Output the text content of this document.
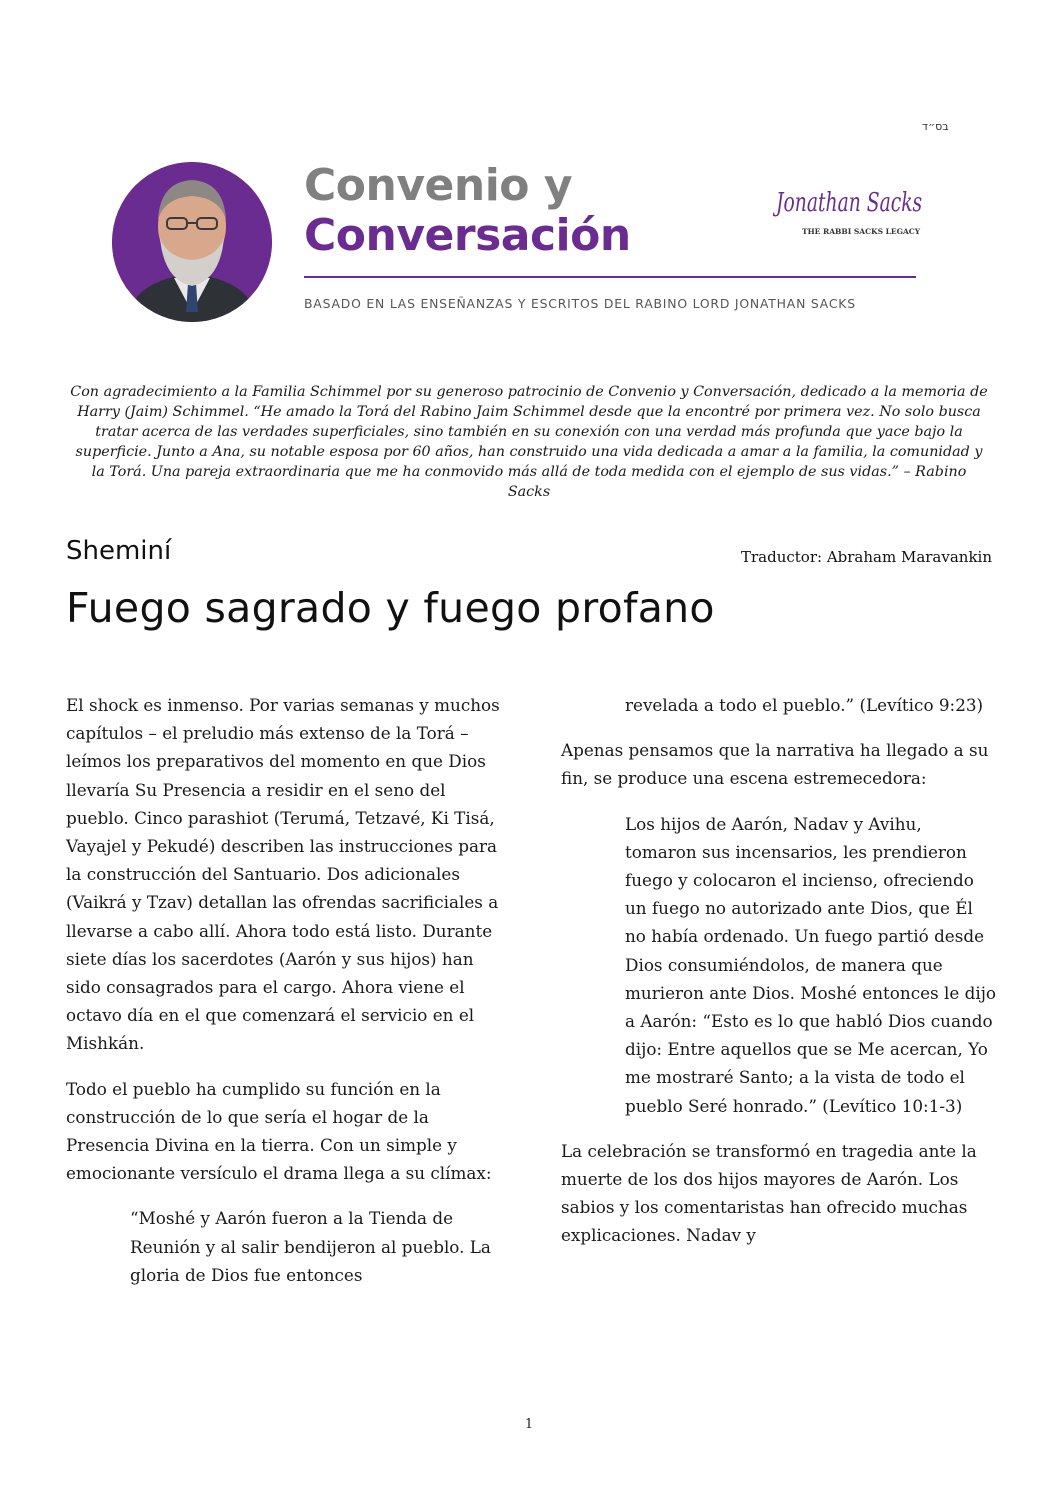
בס״ד
Convenio y
Conversación
BASADO EN LAS ENSEÑANZAS Y ESCRITOS DEL RABINO LORD JONATHAN SACKS
Jonathan Sacks
THE RABBI SACKS LEGACY
Con agradecimiento a la Familia Schimmel por su generoso patrocinio de Convenio y Conversación, dedicado a la memoria de Harry (Jaim) Schimmel. “He amado la Torá del Rabino Jaim Schimmel desde que la encontré por primera vez. No solo busca tratar acerca de las verdades superficiales, sino también en su conexión con una verdad más profunda que yace bajo la superficie. Junto a Ana, su notable esposa por 60 años, han construido una vida dedicada a amar a la familia, la comunidad y la Torá. Una pareja extraordinaria que me ha conmovido más allá de toda medida con el ejemplo de sus vidas.” – Rabino Sacks
Sheminí	Traductor: Abraham Maravankin
Fuego sagrado y fuego profano

El shock es inmenso. Por varias semanas y muchos capítulos – el preludio más extenso de la Torá – leímos los preparativos del momento en que Dios llevaría Su Presencia a residir en el seno del pueblo. Cinco parashiot (Terumá, Tetzavé, Ki Tisá, Vayajel y Pekudé) describen las instrucciones para la construcción del Santuario. Dos adicionales (Vaikrá y Tzav) detallan las ofrendas sacrificiales a llevarse a cabo allí. Ahora todo está listo. Durante siete días los sacerdotes (Aarón y sus hijos) han sido consagrados para el cargo. Ahora viene el octavo día en el que comenzará el servicio en el Mishkán.

Todo el pueblo ha cumplido su función en la construcción de lo que sería el hogar de la Presencia Divina en la tierra. Con un simple y emocionante versículo el drama llega a su clímax:

“Moshé y Aarón fueron a la Tienda de Reunión y al salir bendijeron al pueblo. La gloria de Dios fue entonces

revelada a todo el pueblo.” (Levítico 9:23)

Apenas pensamos que la narrativa ha llegado a su fin, se produce una escena estremecedora:

Los hijos de Aarón, Nadav y Avihu, tomaron sus incensarios, les prendieron fuego y colocaron el incienso, ofreciendo un fuego no autorizado ante Dios, que Él no había ordenado. Un fuego partió desde Dios consumiéndolos, de manera que murieron ante Dios. Moshé entonces le dijo a Aarón: “Esto es lo que habló Dios cuando dijo: Entre aquellos que se Me acercan, Yo me mostraré Santo; a la vista de todo el pueblo Seré honrado.” (Levítico 10:1-3)

La celebración se transformó en tragedia ante la muerte de los dos hijos mayores de Aarón. Los sabios y los comentaristas han ofrecido muchas explicaciones. Nadav y

1
